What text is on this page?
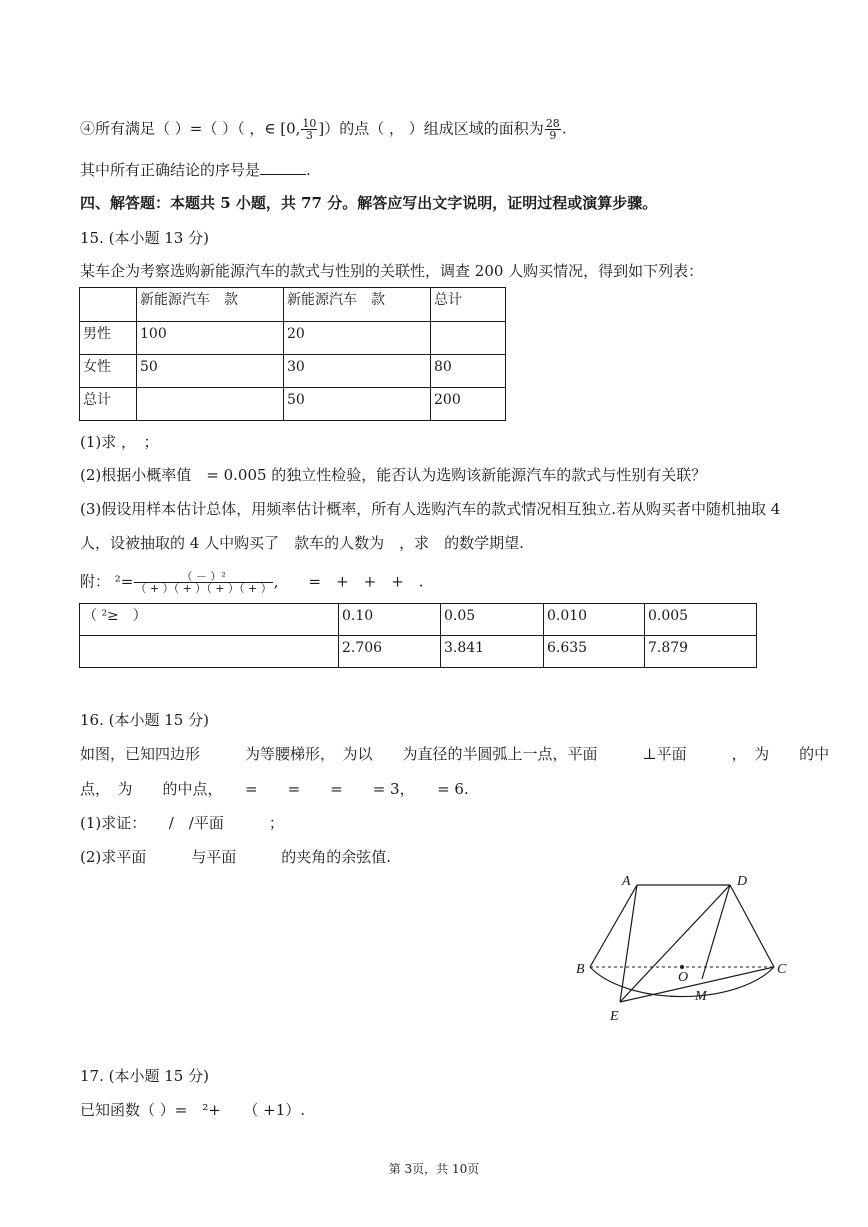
④所有满足（ ）=（ ）（ ，∈ [0, $\frac{10}{3}$ ]）的点（ ， ）组成区域的面积为 $\frac{28}{9}$ .
其中所有正确结论的序号是	.
四、解答题：本题共 5 小题，共 77 分。解答应写出文字说明，证明过程或演算步骤。
15. (本小题 13 分)
某车企为考察选购新能源汽车的款式与性别的关联性，调查 200 人购买情况，得到如下列表：
	新能源汽车　款	新能源汽车　款	总计
男性	100	20	
女性	50	30	80
总计		50	200
(1)求 ，　；
(2)根据小概率值　= 0.005 的独立性检验，能否认为选购该新能源汽车的款式与性别有关联？
(3)假设用样本估计总体，用频率估计概率，所有人选购汽车的款式情况相互独立.若从购买者中随机抽取 4
人，设被抽取的 4 人中购买了　款车的人数为　，求　的数学期望.
附： $^2= \frac{\text{（ － ）²}}{( + )( + )( + )( + )}$ ,　　=　+　+　+　.
（ ²≥　）	0.10	0.05	0.010	0.005
	2.706	3.841	6.635	7.879
16. (本小题 15 分)
如图，已知四边形　　　为等腰梯形，　为以　　为直径的半圆弧上一点，平面　　　⊥平面　　　，　为　　的中
点，　为　　的中点，　　=　　=　　=　　= 3，　　= 6.
(1)求证：　　/　/平面　　　；
(2)求平面　　　与平面　　　的夹角的余弦值.
A	D
B	C
O
M
E
17. (本小题 15 分)
已知函数（ ）=　²+　　（ +1）.
第 3页，共 10页
